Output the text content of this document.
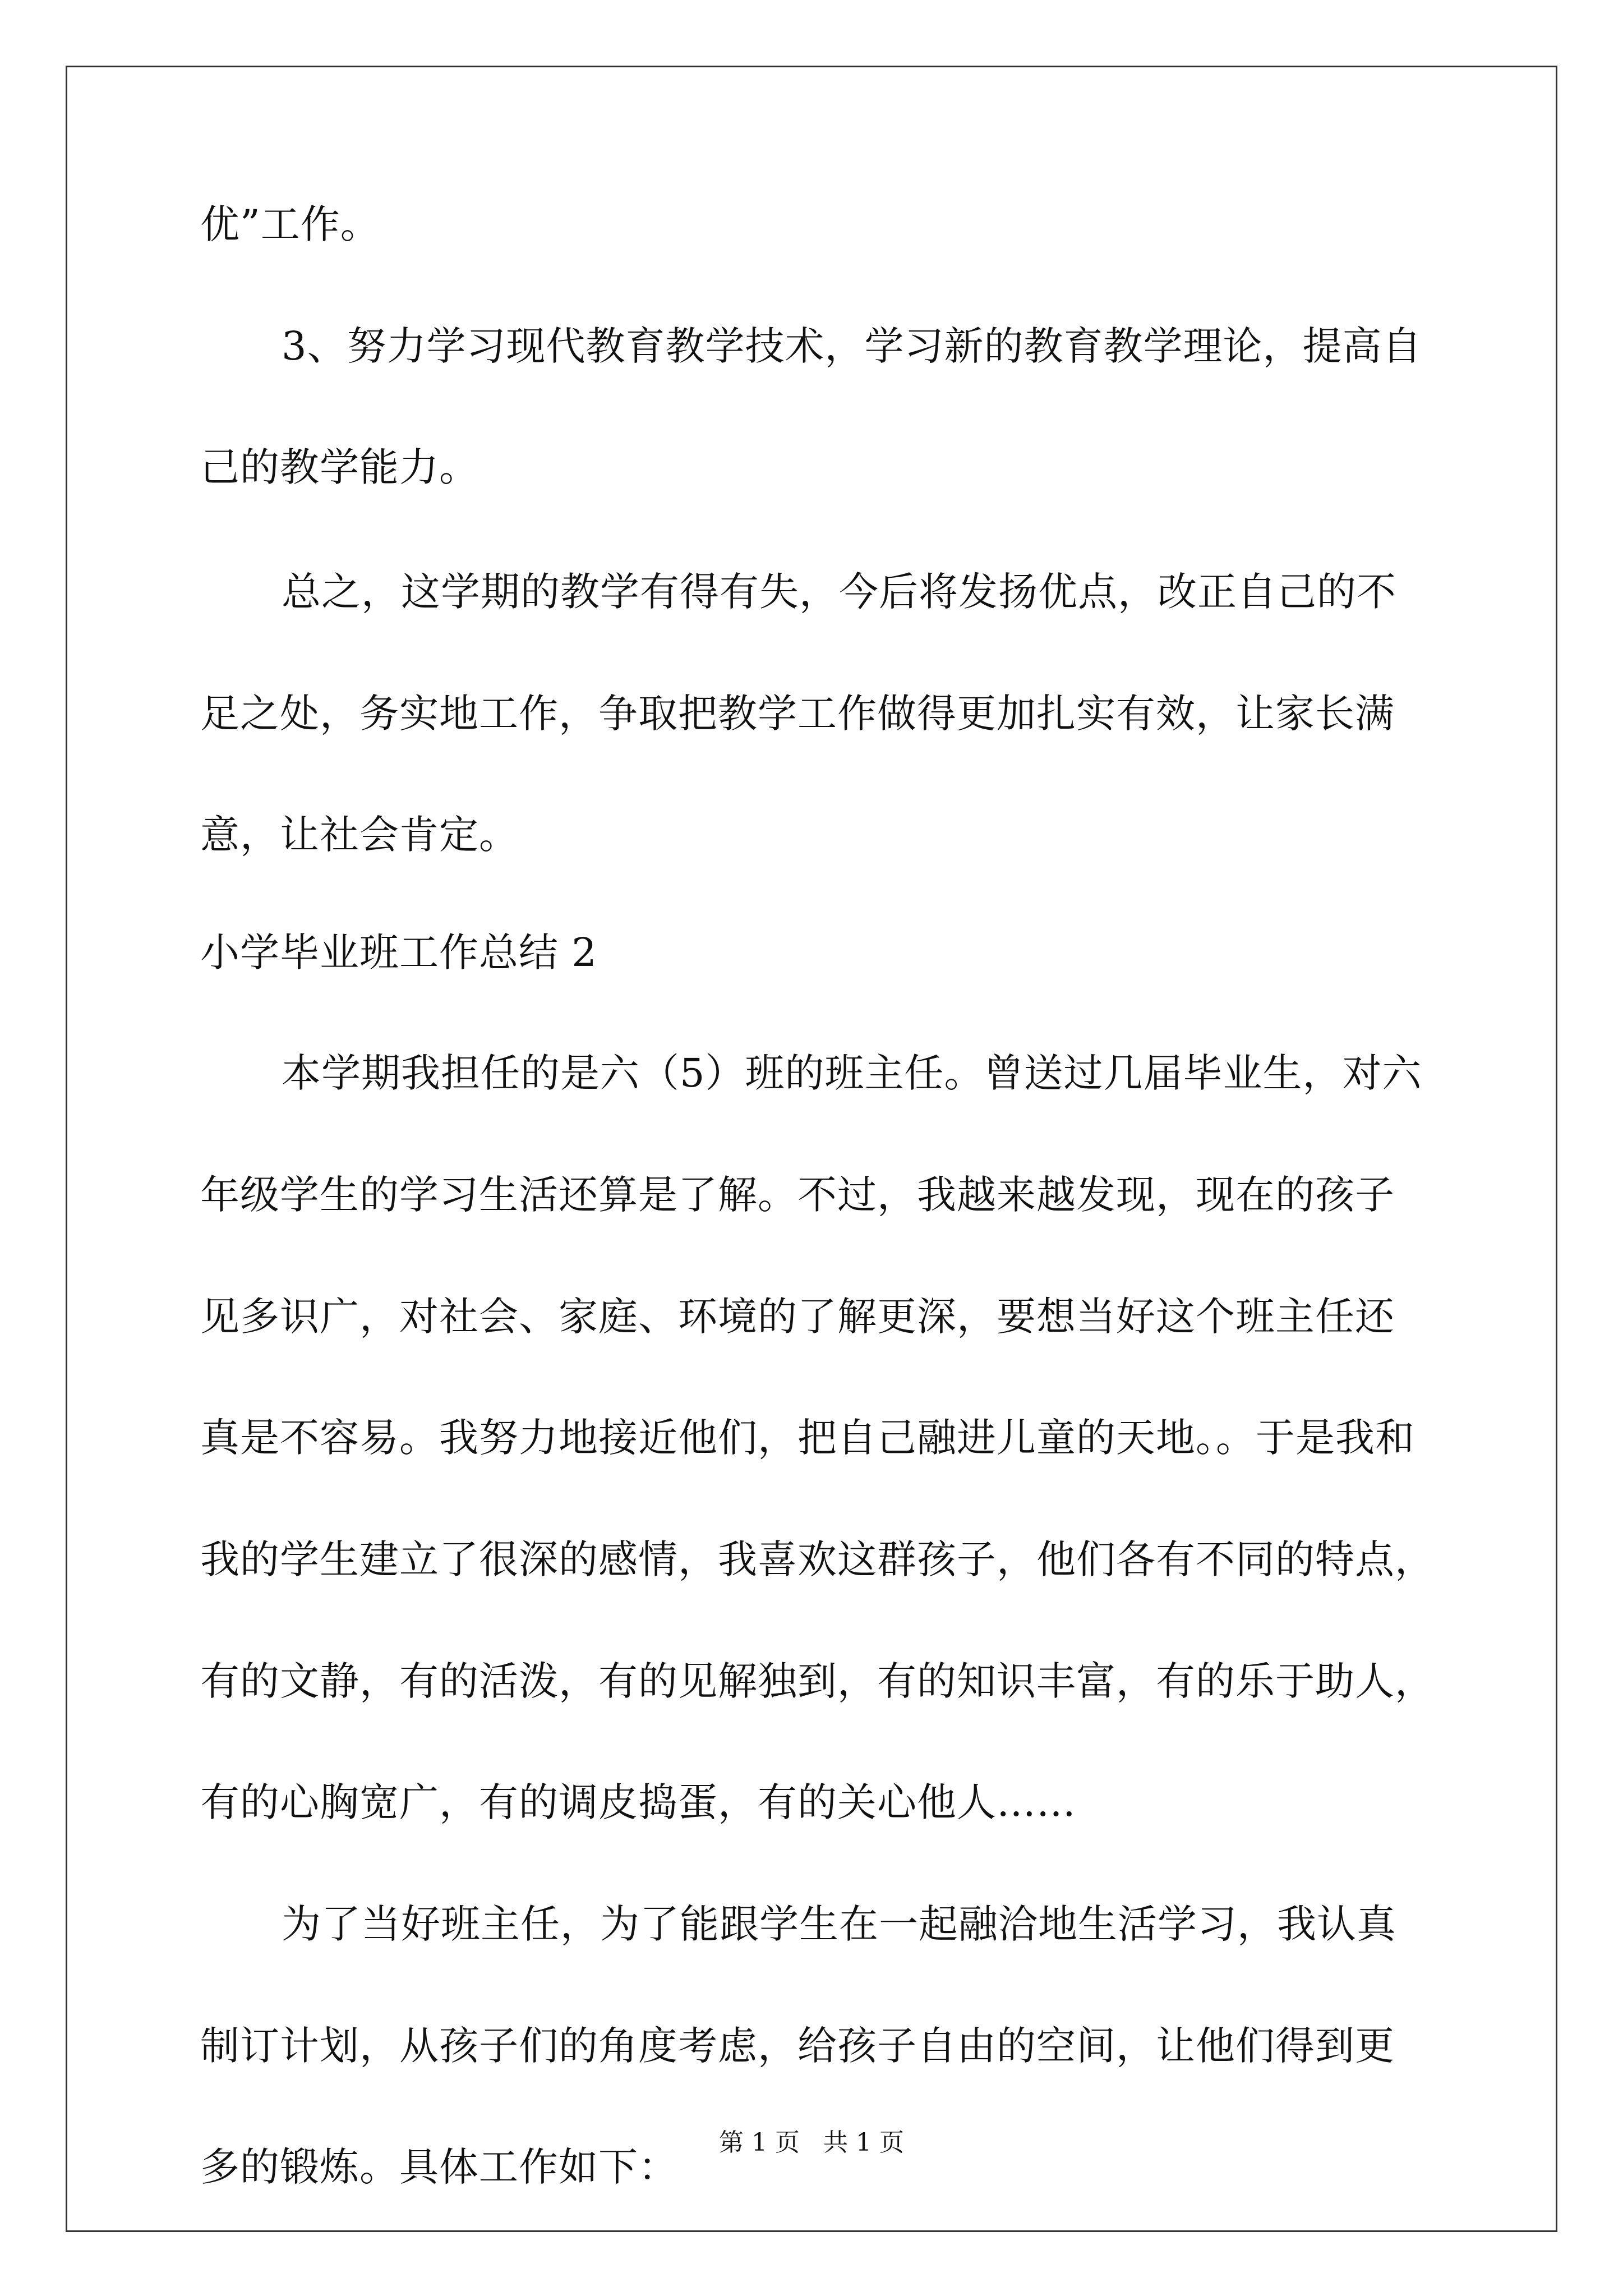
优”工作。
3、努力学习现代教育教学技术，学习新的教育教学理论，提高自
己的教学能力。
总之，这学期的教学有得有失，今后将发扬优点，改正自己的不
足之处，务实地工作，争取把教学工作做得更加扎实有效，让家长满
意，让社会肯定。
小学毕业班工作总结 2
本学期我担任的是六（5）班的班主任。曾送过几届毕业生，对六
年级学生的学习生活还算是了解。不过，我越来越发现，现在的孩子
见多识广，对社会、家庭、环境的了解更深，要想当好这个班主任还
真是不容易。我努力地接近他们，把自己融进儿童的天地。。于是我和
我的学生建立了很深的感情，我喜欢这群孩子，他们各有不同的特点，
有的文静，有的活泼，有的见解独到，有的知识丰富，有的乐于助人，
有的心胸宽广，有的调皮捣蛋，有的关心他人……
为了当好班主任，为了能跟学生在一起融洽地生活学习，我认真
制订计划，从孩子们的角度考虑，给孩子自由的空间，让他们得到更
多的锻炼。具体工作如下：
第 1 页   共 1 页
